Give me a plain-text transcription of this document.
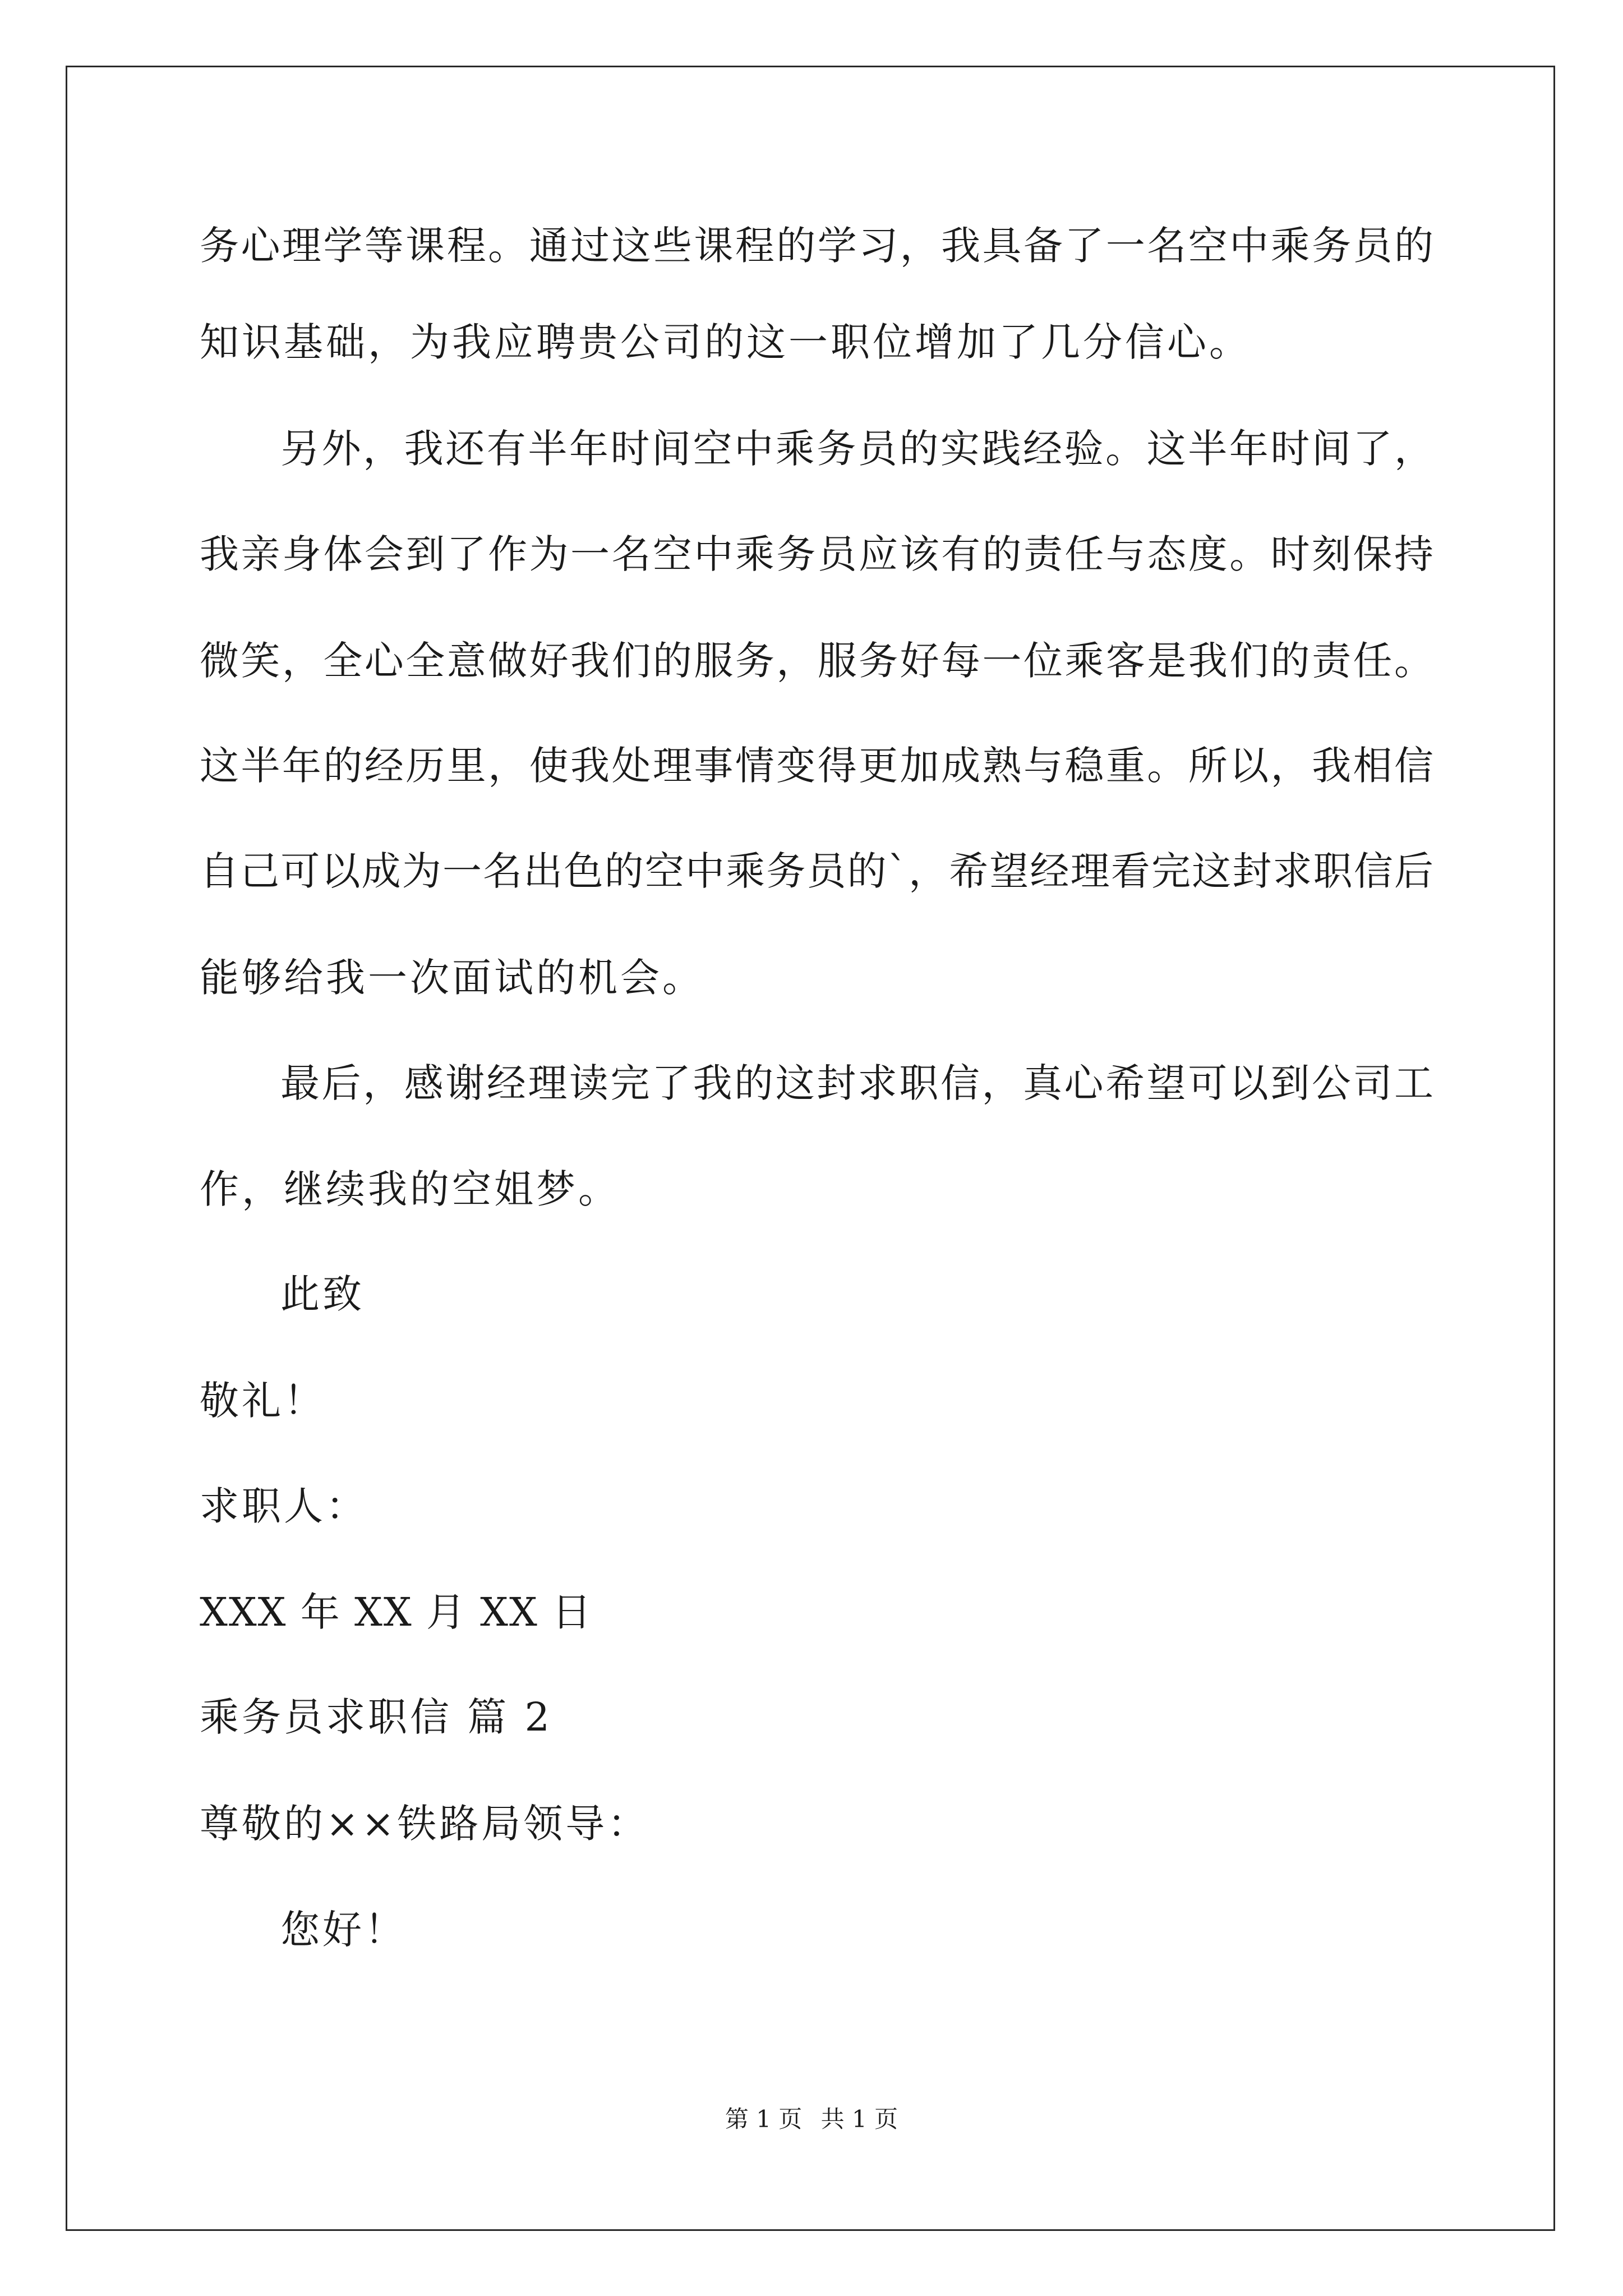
务心理学等课程。通过这些课程的学习，我具备了一名空中乘务员的
知识基础，为我应聘贵公司的这一职位增加了几分信心。
另外，我还有半年时间空中乘务员的实践经验。这半年时间了，
我亲身体会到了作为一名空中乘务员应该有的责任与态度。时刻保持
微笑，全心全意做好我们的服务，服务好每一位乘客是我们的责任。
这半年的经历里，使我处理事情变得更加成熟与稳重。所以，我相信
自己可以成为一名出色的空中乘务员的`，希望经理看完这封求职信后
能够给我一次面试的机会。
最后，感谢经理读完了我的这封求职信，真心希望可以到公司工
作，继续我的空姐梦。
此致
敬礼！
求职人：
XXX 年 XX 月 XX 日
乘务员求职信 篇 2
尊敬的××铁路局领导：
您好！
第 1 页 共 1 页
